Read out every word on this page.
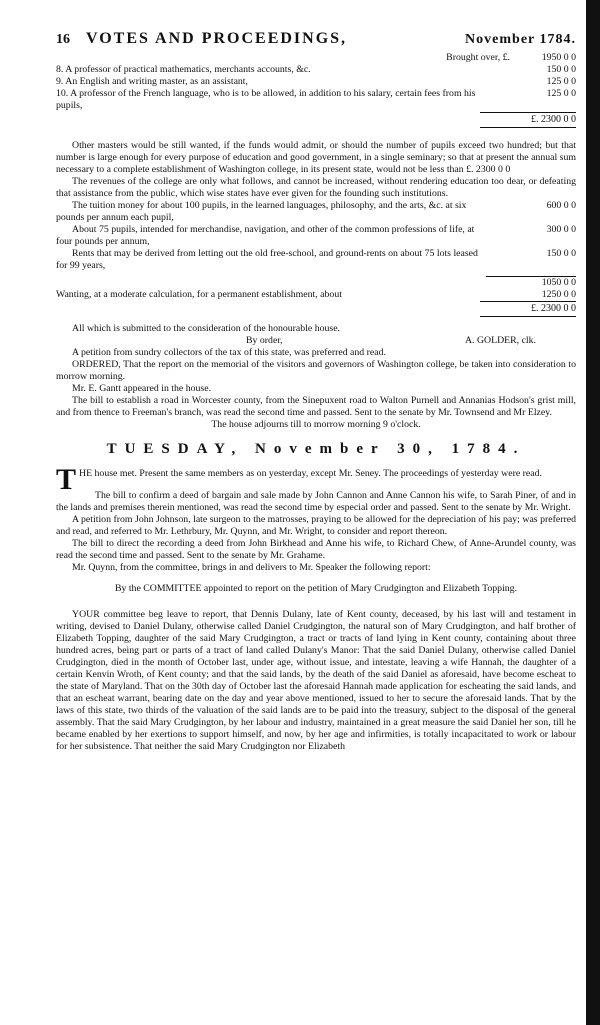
16	VOTES AND PROCEEDINGS,	November 1784.
Brought over, £.	1950 0 0
8. A professor of practical mathematics, merchants accounts, &c.	150 0 0
9. An English and writing master, as an assistant,	125 0 0
10. A professor of the French language, who is to be allowed, in addition to his salary, certain fees from his pupils,
125 0 0
£. 2300 0 0

Other masters would be still wanted, if the funds would admit, or should the number of pupils exceed two hundred; but that number is large enough for every purpose of education and good government, in a single seminary; so that at present the annual sum necessary to a complete establishment of Washington college, in its present state, would not be less than £. 2300 0 0

The revenues of the college are only what follows, and cannot be increased, without rendering education too dear, or defeating that assistance from the public, which wise states have ever given for the founding such institutions.

The tuition money for about 100 pupils, in the learned languages, philosophy, and the arts, &c. at six pounds per annum each pupil,
600 0 0
About 75 pupils, intended for merchandise, navigation, and other of the common professions of life, at four pounds per annum,
300 0 0
Rents that may be derived from letting out the old free-school, and ground-rents on about 75 lots leased for 99 years,
150 0 0
1050 0 0
Wanting, at a moderate calculation, for a permanent establishment, about	1250 0 0
£. 2300 0 0

All which is submitted to the consideration of the honourable house.

By order,	A. GOLDER, clk.

A petition from sundry collectors of the tax of this state, was preferred and read.

ORDERED, That the report on the memorial of the visitors and governors of Washington college, be taken into consideration to morrow morning.

Mr. E. Gantt appeared in the house.

The bill to establish a road in Worcester county, from the Sinepuxent road to Walton Purnell and Annanias Hodson's grist mill, and from thence to Freeman's branch, was read the second time and passed. Sent to the senate by Mr. Townsend and Mr Elzey.

The house adjourns till to morrow morning 9 o'clock.

TUESDAY, November 30, 1784.

THE house met. Present the same members as on yesterday, except Mr. Seney. The proceedings of yesterday were read.

The bill to confirm a deed of bargain and sale made by John Cannon and Anne Cannon his wife, to Sarah Piner, of and in the lands and premises therein mentioned, was read the second time by especial order and passed. Sent to the senate by Mr. Wright.

A petition from John Johnson, late surgeon to the matrosses, praying to be allowed for the depreciation of his pay; was preferred and read, and referred to Mr. Lethrbury, Mr. Quynn, and Mr. Wright, to consider and report thereon.

The bill to direct the recording a deed from John Birkhead and Anne his wife, to Richard Chew, of Anne-Arundel county, was read the second time and passed. Sent to the senate by Mr. Grahame.

Mr. Quynn, from the committee, brings in and delivers to Mr. Speaker the following report:

By the COMMITTEE appointed to report on the petition of Mary Crudgington and Elizabeth Topping.

YOUR committee beg leave to report, that Dennis Dulany, late of Kent county, deceased, by his last will and testament in writing, devised to Daniel Dulany, otherwise called Daniel Crudgington, the natural son of Mary Crudgington, and half brother of Elizabeth Topping, daughter of the said Mary Crudgington, a tract or tracts of land lying in Kent county, containing about three hundred acres, being part or parts of a tract of land called Dulany's Manor: That the said Daniel Dulany, otherwise called Daniel Crudgington, died in the month of October last, under age, without issue, and intestate, leaving a wife Hannah, the daughter of a certain Kenvin Wroth, of Kent county; and that the said lands, by the death of the said Daniel as aforesaid, have become escheat to the state of Maryland. That on the 30th day of October last the aforesaid Hannah made application for escheating the said lands, and that an escheat warrant, bearing date on the day and year above mentioned, issued to her to secure the aforesaid lands. That by the laws of this state, two thirds of the valuation of the said lands are to be paid into the treasury, subject to the disposal of the general assembly. That the said Mary Crudgington, by her labour and industry, maintained in a great measure the said Daniel her son, till he became enabled by her exertions to support himself, and now, by her age and infirmities, is totally incapacitated to work or labour for her subsistence. That neither the said Mary Crudgington nor Elizabeth
